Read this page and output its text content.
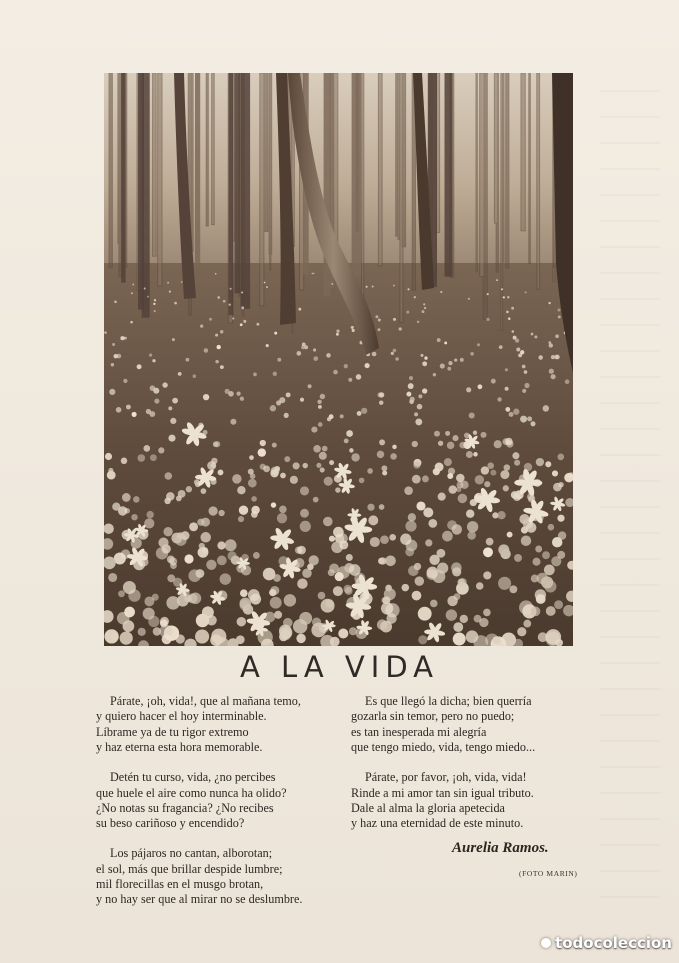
A LA VIDA
Párate, ¡oh, vida!, que al mañana temo,
y quiero hacer el hoy interminable.
Líbrame ya de tu rigor extremo
y haz eterna esta hora memorable.
Detén tu curso, vida, ¿no percibes
que huele el aire como nunca ha olido?
¿No notas su fragancia? ¿No recibes
su beso cariñoso y encendido?
Los pájaros no cantan, alborotan;
el sol, más que brillar despide lumbre;
mil florecillas en el musgo brotan,
y no hay ser que al mirar no se deslumbre.
Es que llegó la dicha; bien querría
gozarla sin temor, pero no puedo;
es tan inesperada mi alegría
que tengo miedo, vida, tengo miedo...
Párate, por favor, ¡oh, vida, vida!
Rinde a mi amor tan sin igual tributo.
Dale al alma la gloria apetecida
y haz una eternidad de este minuto.
Aurelia Ramos.
(FOTO MARIN)
todocoleccion
